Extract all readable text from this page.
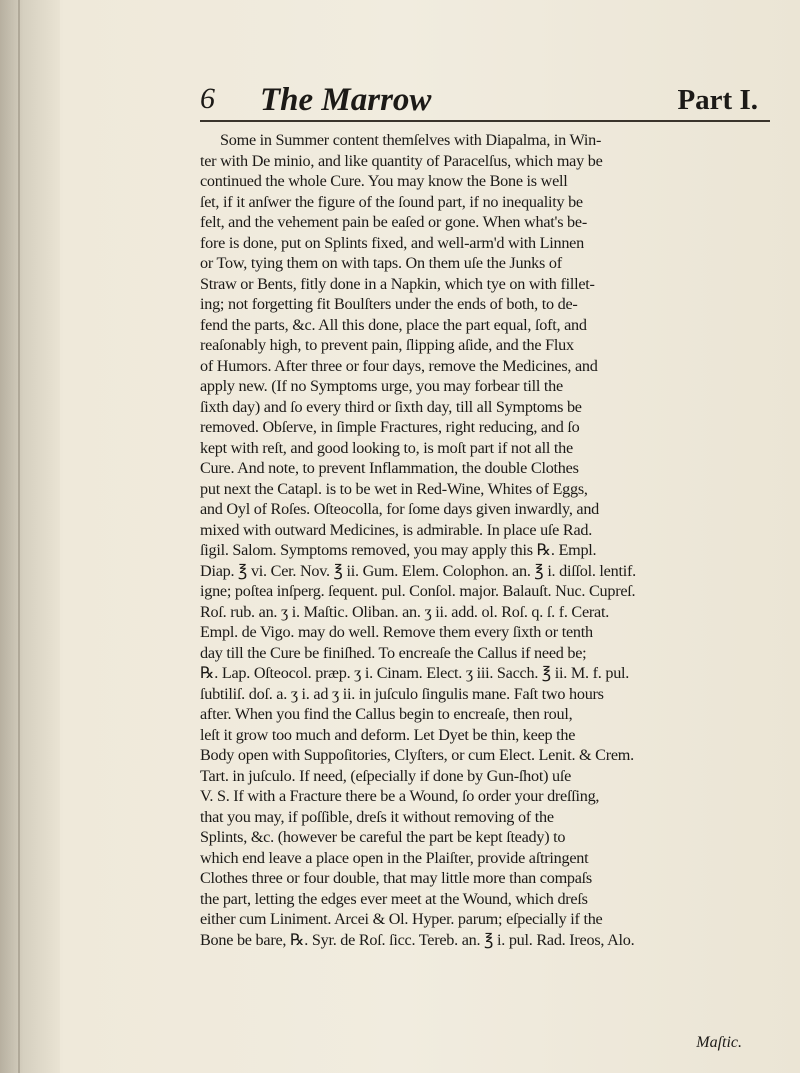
6 The Marrow	Part I.
Some in Summer content themſelves with Diapalma, in Win-
ter with De minio, and like quantity of Paracelſus, which may be
continued the whole Cure. You may know the Bone is well
ſet, if it anſwer the figure of the ſound part, if no inequality be
felt, and the vehement pain be eaſed or gone. When what's be-
fore is done, put on Splints fixed, and well-arm'd with Linnen
or Tow, tying them on with taps. On them uſe the Junks of
Straw or Bents, fitly done in a Napkin, which tye on with fillet-
ing; not forgetting fit Boulſters under the ends of both, to de-
fend the parts, &c. All this done, place the part equal, ſoft, and
reaſonably high, to prevent pain, ſlipping aſide, and the Flux
of Humors. After three or four days, remove the Medicines, and
apply new. (If no Symptoms urge, you may forbear till the
ſixth day) and ſo every third or ſixth day, till all Symptoms be
removed. Obſerve, in ſimple Fractures, right reducing, and ſo
kept with reſt, and good looking to, is moſt part if not all the
Cure. And note, to prevent Inflammation, the double Clothes
put next the Catapl. is to be wet in Red-Wine, Whites of Eggs,
and Oyl of Roſes. Oſteocolla, for ſome days given inwardly, and
mixed with outward Medicines, is admirable. In place uſe Rad.
ſigil. Salom. Symptoms removed, you may apply this ℞. Empl.
Diap. ℥ vi. Cer. Nov. ℥ ii. Gum. Elem. Colophon. an. ℥ i. diſſol. lentif.
igne; poſtea inſperg. ſequent. pul. Conſol. major. Balauſt. Nuc. Cupreſ.
Roſ. rub. an. ʒ i. Maſtic. Oliban. an. ʒ ii. add. ol. Roſ. q. ſ. f. Cerat.
Empl. de Vigo. may do well. Remove them every ſixth or tenth
day till the Cure be finiſhed. To encreaſe the Callus if need be;
℞. Lap. Oſteocol. præp. ʒ i. Cinam. Elect. ʒ iii. Sacch. ℥ ii. M. f. pul.
ſubtiliſ. doſ. a. ʒ i. ad ʒ ii. in juſculo ſingulis mane. Faſt two hours
after. When you find the Callus begin to encreaſe, then roul,
leſt it grow too much and deform. Let Dyet be thin, keep the
Body open with Suppoſitories, Clyſters, or cum Elect. Lenit. & Crem.
Tart. in juſculo. If need, (eſpecially if done by Gun-ſhot) uſe
V. S. If with a Fracture there be a Wound, ſo order your dreſſing,
that you may, if poſſible, dreſs it without removing of the
Splints, &c. (however be careful the part be kept ſteady) to
which end leave a place open in the Plaiſter, provide aſtringent
Clothes three or four double, that may little more than compaſs
the part, letting the edges ever meet at the Wound, which dreſs
either cum Liniment. Arcei & Ol. Hyper. parum; eſpecially if the
Bone be bare, ℞. Syr. de Roſ. ſicc. Tereb. an. ℥ i. pul. Rad. Ireos, Alo.
Maſtic.
